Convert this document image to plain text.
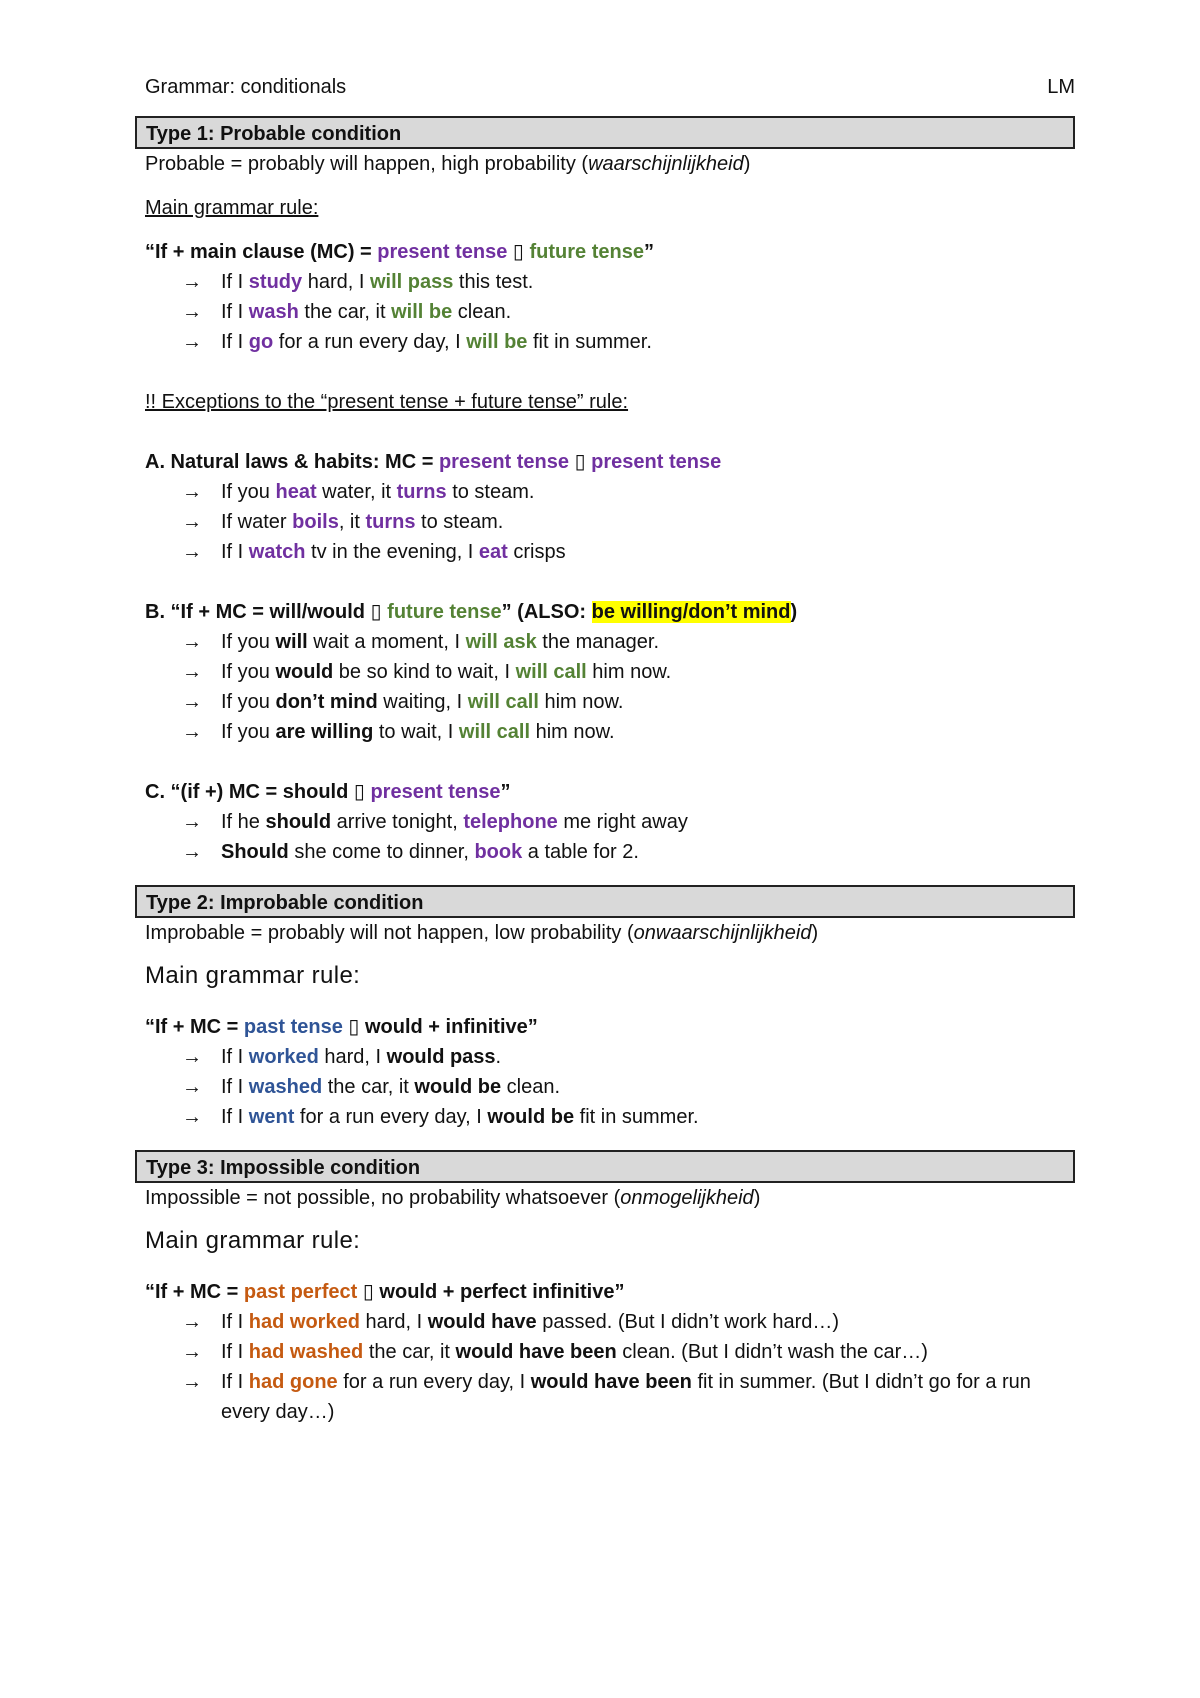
Grammar: conditionals	LM
Type 1: Probable condition
Probable = probably will happen, high probability (waarschijnlijkheid)
Main grammar rule:
“If + main clause (MC) = present tense ▯ future tense”
→ If I study hard, I will pass this test.
→ If I wash the car, it will be clean.
→ If I go for a run every day, I will be fit in summer.
!! Exceptions to the “present tense + future tense” rule:
A. Natural laws & habits: MC = present tense ▯ present tense
→ If you heat water, it turns to steam.
→ If water boils, it turns to steam.
→ If I watch tv in the evening, I eat crisps
B. “If + MC = will/would ▯ future tense” (ALSO: be willing/don’t mind)
→ If you will wait a moment, I will ask the manager.
→ If you would be so kind to wait, I will call him now.
→ If you don’t mind waiting, I will call him now.
→ If you are willing to wait, I will call him now.
C. “(if +) MC = should ▯ present tense”
→ If he should arrive tonight, telephone me right away
→ Should she come to dinner, book a table for 2.
Type 2: Improbable condition
Improbable = probably will not happen, low probability (onwaarschijnlijkheid)
Main grammar rule:
“If + MC = past tense ▯ would + infinitive”
→ If I worked hard, I would pass.
→ If I washed the car, it would be clean.
→ If I went for a run every day, I would be fit in summer.
Type 3: Impossible condition
Impossible = not possible, no probability whatsoever (onmogelijkheid)
Main grammar rule:
“If + MC = past perfect ▯ would + perfect infinitive”
→ If I had worked hard, I would have passed. (But I didn’t work hard…)
→ If I had washed the car, it would have been clean. (But I didn’t wash the car…)
→ If I had gone for a run every day, I would have been fit in summer. (But I didn’t go for a run every day…)
